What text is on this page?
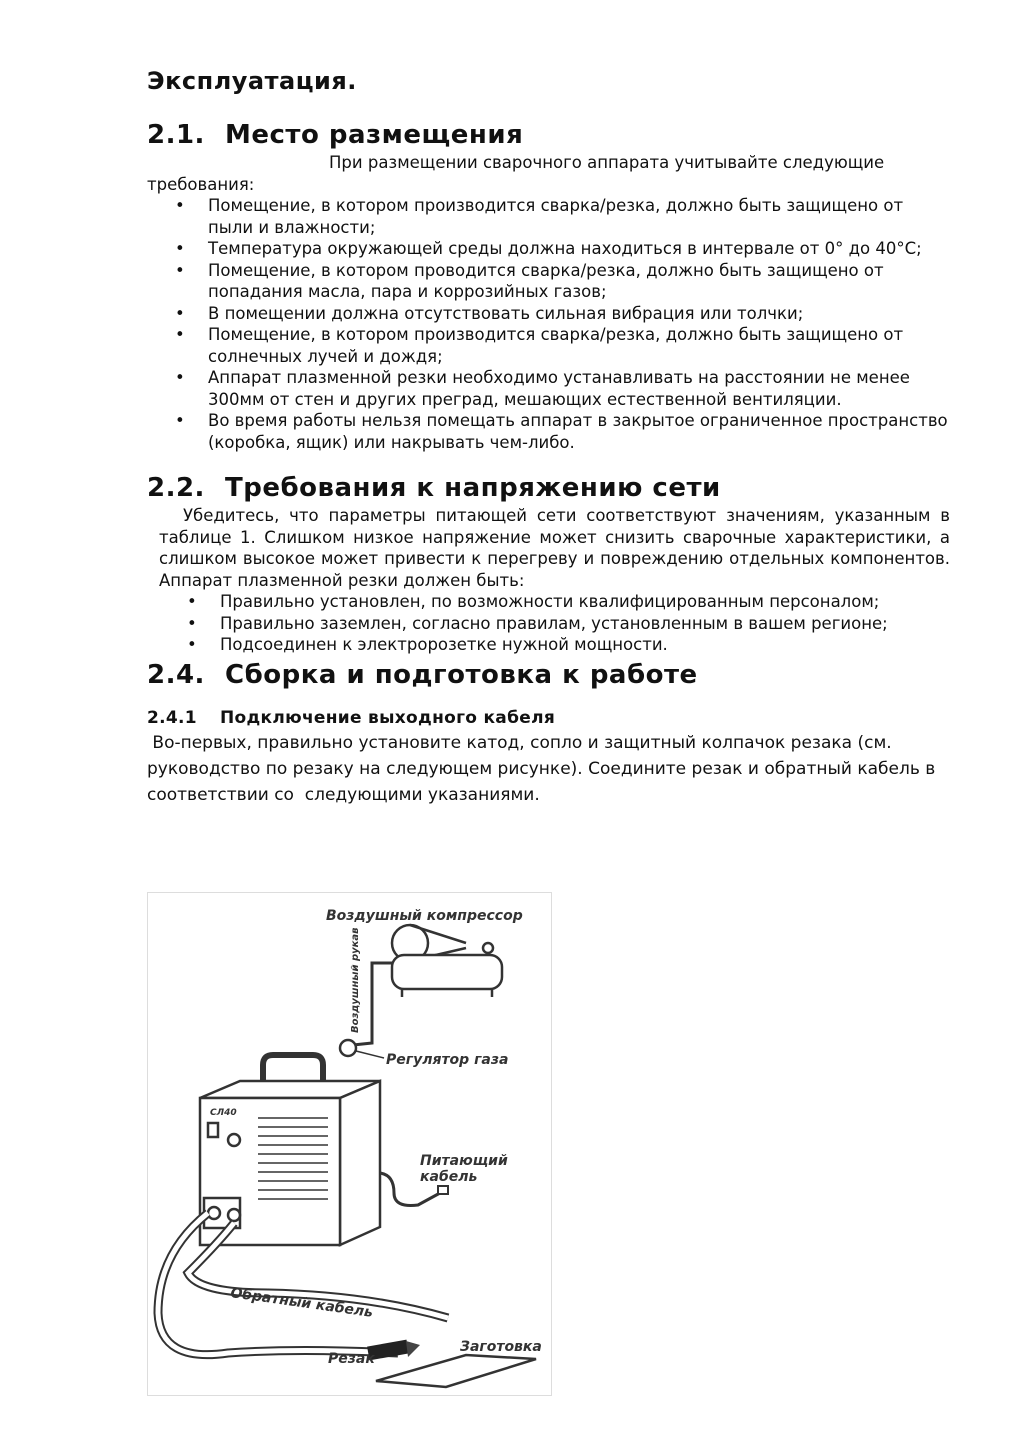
Эксплуатация.
2.1. Место размещения

При размещении сварочного аппарата учитывайте следующие требования:

• Помещение, в котором производится сварка/резка, должно быть защищено от пыли и влажности;
• Температура окружающей среды должна находиться в интервале от 0° до 40°С;
• Помещение, в котором проводится сварка/резка, должно быть защищено от попадания масла, пара и коррозийных газов;
• В помещении должна отсутствовать сильная вибрация или толчки;
• Помещение, в котором производится сварка/резка, должно быть защищено от солнечных лучей и дождя;
• Аппарат плазменной резки необходимо устанавливать на расстоянии не менее 300мм от стен и других преград, мешающих естественной вентиляции.
• Во время работы нельзя помещать аппарат в закрытое ограниченное пространство (коробка, ящик) или накрывать чем-либо.
2.2. Требования к напряжению сети

Убедитесь, что параметры питающей сети соответствуют значениям, указанным в таблице 1. Слишком низкое напряжение может снизить сварочные характеристики, а слишком высокое может привести к перегреву и повреждению отдельных компонентов. Аппарат плазменной резки должен быть:

• Правильно установлен, по возможности квалифицированным персоналом;
• Правильно заземлен, согласно правилам, установленным в вашем регионе;
• Подсоединен к электророзетке нужной мощности.
2.4. Сборка и подготовка к работе
2.4.1 Подключение выходного кабеля

Во-первых, правильно установите катод, сопло и защитный колпачок резака (см. руководство по резаку на следующем рисунке). Соедините резак и обратный кабель в соответствии со  следующими указаниями.

Воздушный компрессор
Воздушный рукав
Регулятор газа
СЛ40
Питающий
кабель
Обратный кабель
Резак
Заготовка
